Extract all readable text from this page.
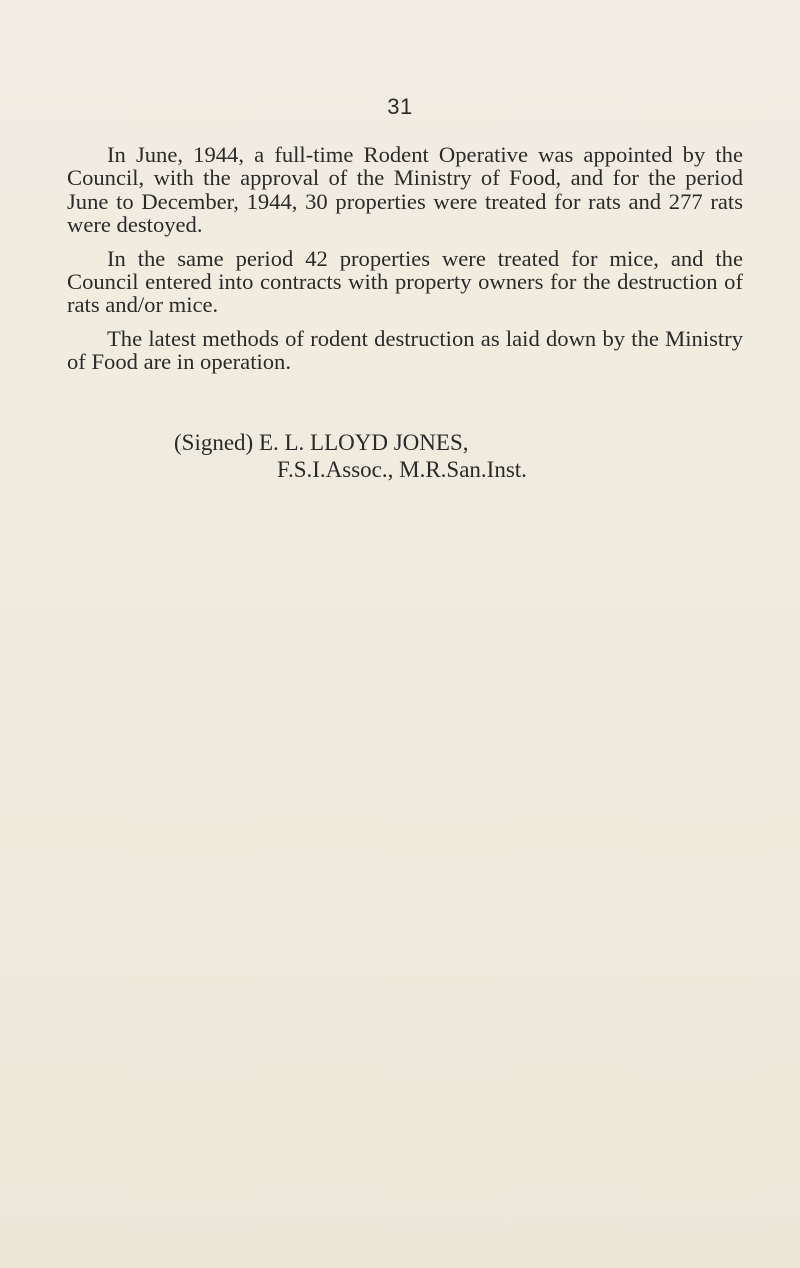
31

In June, 1944, a full-time Rodent Operative was appointed by the Council, with the approval of the Ministry of Food, and for the period June to December, 1944, 30 properties were treated for rats and 277 rats were destoyed.

In the same period 42 properties were treated for mice, and the Council entered into contracts with property owners for the destruction of rats and/or mice.

The latest methods of rodent destruction as laid down by the Ministry of Food are in operation.

(Signed) E. L. LLOYD JONES,
F.S.I.Assoc., M.R.San.Inst.
